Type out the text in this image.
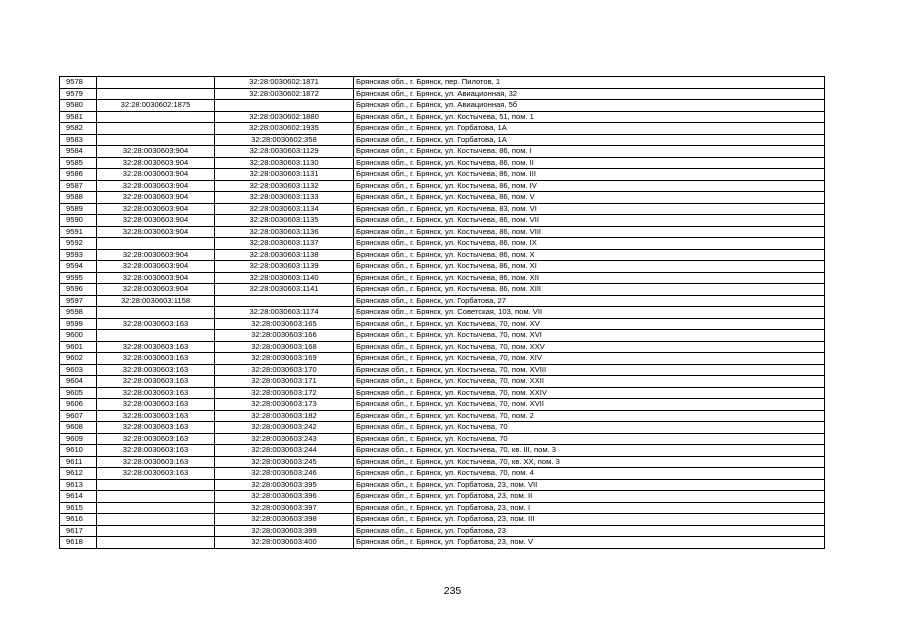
9578		32:28:0030602:1871	Брянская обл., г. Брянск, пер. Пилотов, 1
9579		32:28:0030602:1872	Брянская обл., г. Брянск, ул. Авиационная, 32
9580	32:28:0030602:1875		Брянская обл., г. Брянск, ул. Авиационная, 5б
9581		32:28:0030602:1880	Брянская обл., г. Брянск, ул. Костычева, 51, пом. 1
9582		32:28:0030602:1935	Брянская обл., г. Брянск, ул. Горбатова, 1А
9583		32:28:0030602:358	Брянская обл., г. Брянск, ул. Горбатова, 1А
9584	32:28:0030603:904	32:28:0030603:1129	Брянская обл., г. Брянск, ул. Костычева, 86, пом. I
9585	32:28:0030603:904	32:28:0030603:1130	Брянская обл., г. Брянск, ул. Костычева, 86, пом. II
9586	32:28:0030603:904	32:28:0030603:1131	Брянская обл., г. Брянск, ул. Костычева, 86, пом. III
9587	32:28:0030603:904	32:28:0030603:1132	Брянская обл., г. Брянск, ул. Костычева, 86, пом. IV
9588	32:28:0030603:904	32:28:0030603:1133	Брянская обл., г. Брянск, ул. Костычева, 86, пом. V
9589	32:28:0030603:904	32:28:0030603:1134	Брянская обл., г. Брянск, ул. Костычева, 83, пом. VI
9590	32:28:0030603:904	32:28:0030603:1135	Брянская обл., г. Брянск, ул. Костычева, 86, пом. VII
9591	32:28:0030603:904	32:28:0030603:1136	Брянская обл., г. Брянск, ул. Костычева, 86, пом. VIII
9592		32:28:0030603:1137	Брянская обл., г. Брянск, ул. Костычева, 86, пом. IX
9593	32:28:0030603:904	32:28:0030603:1138	Брянская обл., г. Брянск, ул. Костычева, 86, пом. X
9594	32:28:0030603:904	32:28:0030603:1139	Брянская обл., г. Брянск, ул. Костычева, 86, пом. XI
9595	32:28:0030603:904	32:28:0030603:1140	Брянская обл., г. Брянск, ул. Костычева, 86, пом. XII
9596	32:28:0030603:904	32:28:0030603:1141	Брянская обл., г. Брянск, ул. Костычева, 86, пом. XIII
9597	32:28:0030603:1158		Брянская обл., г. Брянск, ул. Горбатова, 27
9598		32:28:0030603:1174	Брянская обл., г. Брянск, ул. Советская, 103, пом. VII
9599	32:28:0030603:163	32:28:0030603:165	Брянская обл., г. Брянск, ул. Костычева, 70, пом. XV
9600		32:28:0030603:166	Брянская обл., г. Брянск, ул. Костычева, 70, пом. XVI
9601	32:28:0030603:163	32:28:0030603:168	Брянская обл., г. Брянск, ул. Костычева, 70, пом. XXV
9602	32:28:0030603:163	32:28:0030603:169	Брянская обл., г. Брянск, ул. Костычева, 70, пом. XIV
9603	32:28:0030603:163	32:28:0030603:170	Брянская обл., г. Брянск, ул. Костычева, 70, пом. XVIII
9604	32:28:0030603:163	32:28:0030603:171	Брянская обл., г. Брянск, ул. Костычева, 70, пом. XXII
9605	32:28:0030603:163	32:28:0030603:172	Брянская обл., г. Брянск, ул. Костычева, 70, пом. XXIV
9606	32:28:0030603:163	32:28:0030603:173	Брянская обл., г. Брянск, ул. Костычева, 70, пом. XVII
9607	32:28:0030603:163	32:28:0030603:182	Брянская обл., г. Брянск, ул. Костычева, 70, пом. 2
9608	32:28:0030603:163	32:28:0030603:242	Брянская обл., г. Брянск, ул. Костычева, 70
9609	32:28:0030603:163	32:28:0030603:243	Брянская обл., г. Брянск, ул. Костычева, 70
9610	32:28:0030603:163	32:28:0030603:244	Брянская обл., г. Брянск, ул. Костычева, 70, кв. III, пом. 3
9611	32:28:0030603:163	32:28:0030603:245	Брянская обл., г. Брянск, ул. Костычева, 70, кв. XX, пом. 3
9612	32:28:0030603:163	32:28:0030603:246	Брянская обл., г. Брянск, ул. Костычева, 70, пом. 4
9613		32:28:0030603:395	Брянская обл., г. Брянск, ул. Горбатова, 23, пом. VII
9614		32:28:0030603:396	Брянская обл., г. Брянск, ул. Горбатова, 23, пом. II
9615		32:28:0030603:397	Брянская обл., г. Брянск, ул. Горбатова, 23, пом. I
9616		32:28:0030603:398	Брянская обл., г. Брянск, ул. Горбатова, 23, пом. III
9617		32:28:0030603:399	Брянская обл., г. Брянск, ул. Горбатова, 23
9618		32:28:0030603:400	Брянская обл., г. Брянск, ул. Горбатова, 23, пом. V
235
